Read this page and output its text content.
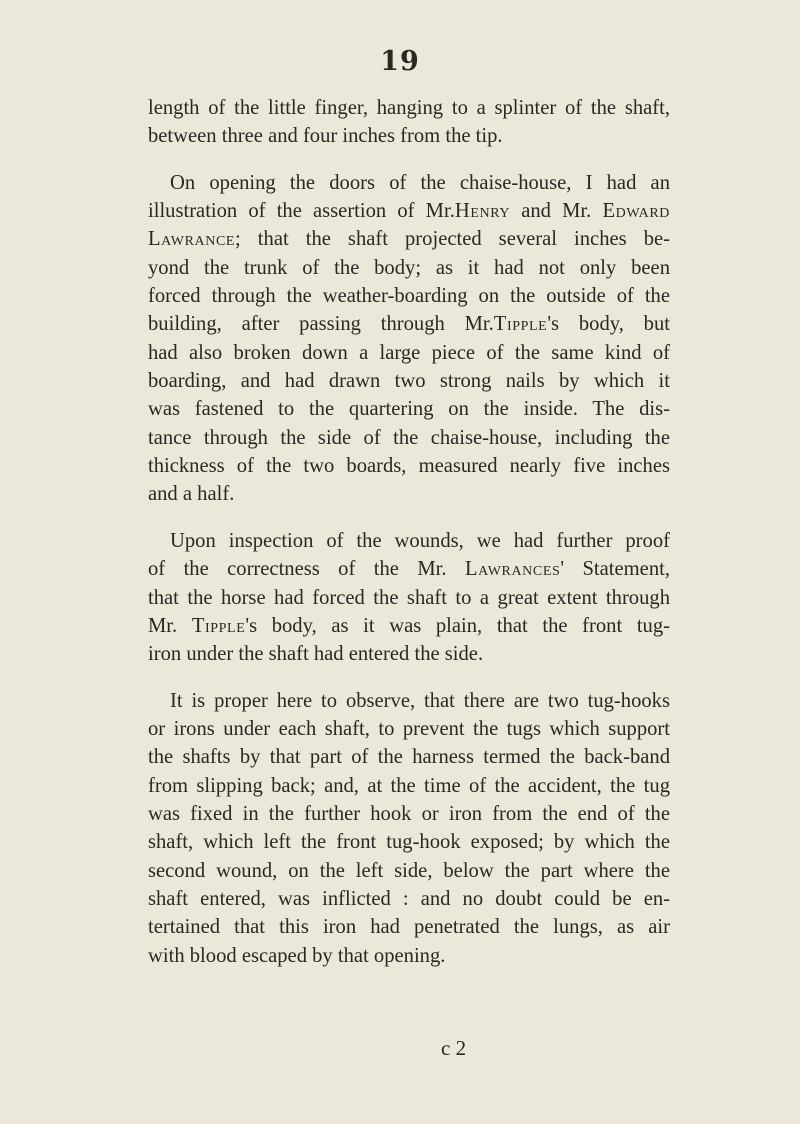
19
length of the little finger, hanging to a splinter of the shaft,
between three and four inches from the tip.
On opening the doors of the chaise-house, I had an
illustration of the assertion of Mr.Henry and Mr. Edward
Lawrance; that the shaft projected several inches be-
yond the trunk of the body; as it had not only been
forced through the weather-boarding on the outside of the
building, after passing through Mr.Tipple's body, but
had also broken down a large piece of the same kind of
boarding, and had drawn two strong nails by which it
was fastened to the quartering on the inside. The dis-
tance through the side of the chaise-house, including the
thickness of the two boards, measured nearly five inches
and a half.
Upon inspection of the wounds, we had further proof
of the correctness of the Mr. Lawrances' Statement,
that the horse had forced the shaft to a great extent through
Mr. Tipple's body, as it was plain, that the front tug-
iron under the shaft had entered the side.
It is proper here to observe, that there are two tug-hooks
or irons under each shaft, to prevent the tugs which support
the shafts by that part of the harness termed the back-band
from slipping back; and, at the time of the accident, the tug
was fixed in the further hook or iron from the end of the
shaft, which left the front tug-hook exposed; by which the
second wound, on the left side, below the part where the
shaft entered, was inflicted : and no doubt could be en-
tertained that this iron had penetrated the lungs, as air
with blood escaped by that opening.
c 2
